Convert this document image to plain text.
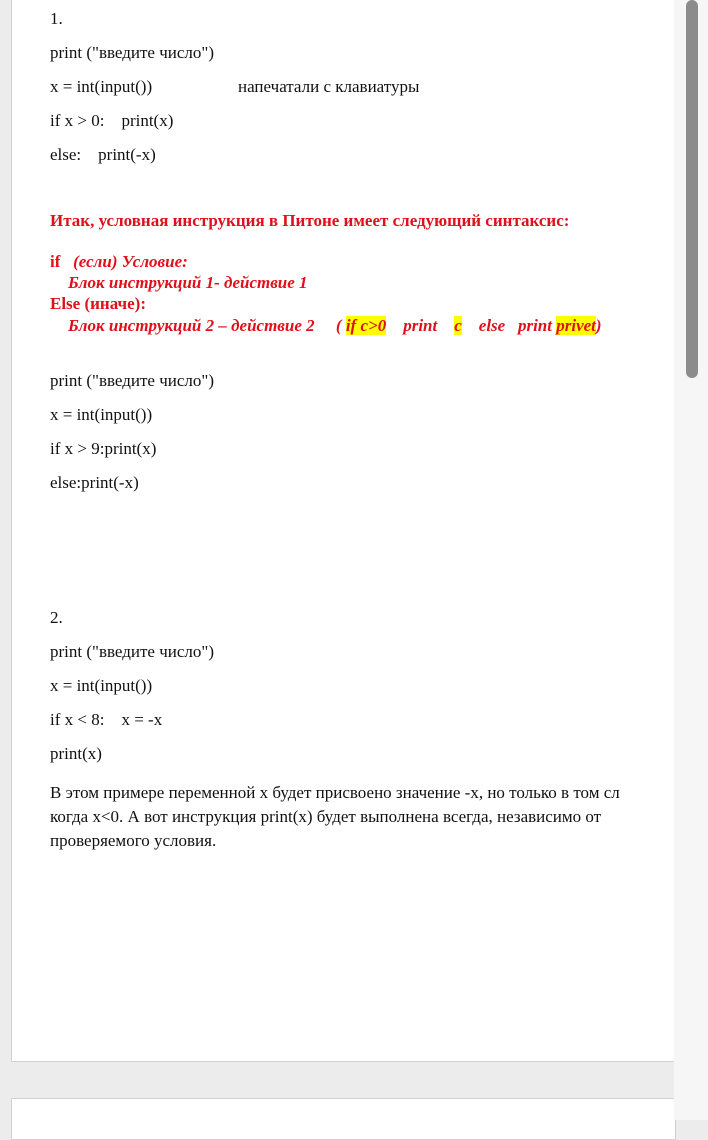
1.

print ("введите число")

x = int(input())	напечатали с клавиатуры

if x > 0:    print(x)

else:    print(-x)

Итак, условная инструкция в Питоне имеет следующий синтаксис:

if (если) Условие:

Блок инструкций 1- действие 1

Else (иначе):

Блок инструкций 2 – действие 2 ( if c>0 print c else print privet)

print ("введите число")

x = int(input())

if x > 9:print(x)

else:print(-x)

2.

print ("введите число")

x = int(input())

if x < 8:    x = -x

print(x)

В этом примере переменной x будет присвоено значение -x, но только в том сл
когда x<0. А вот инструкция print(x) будет выполнена всегда, независимо от
проверяемого условия.
